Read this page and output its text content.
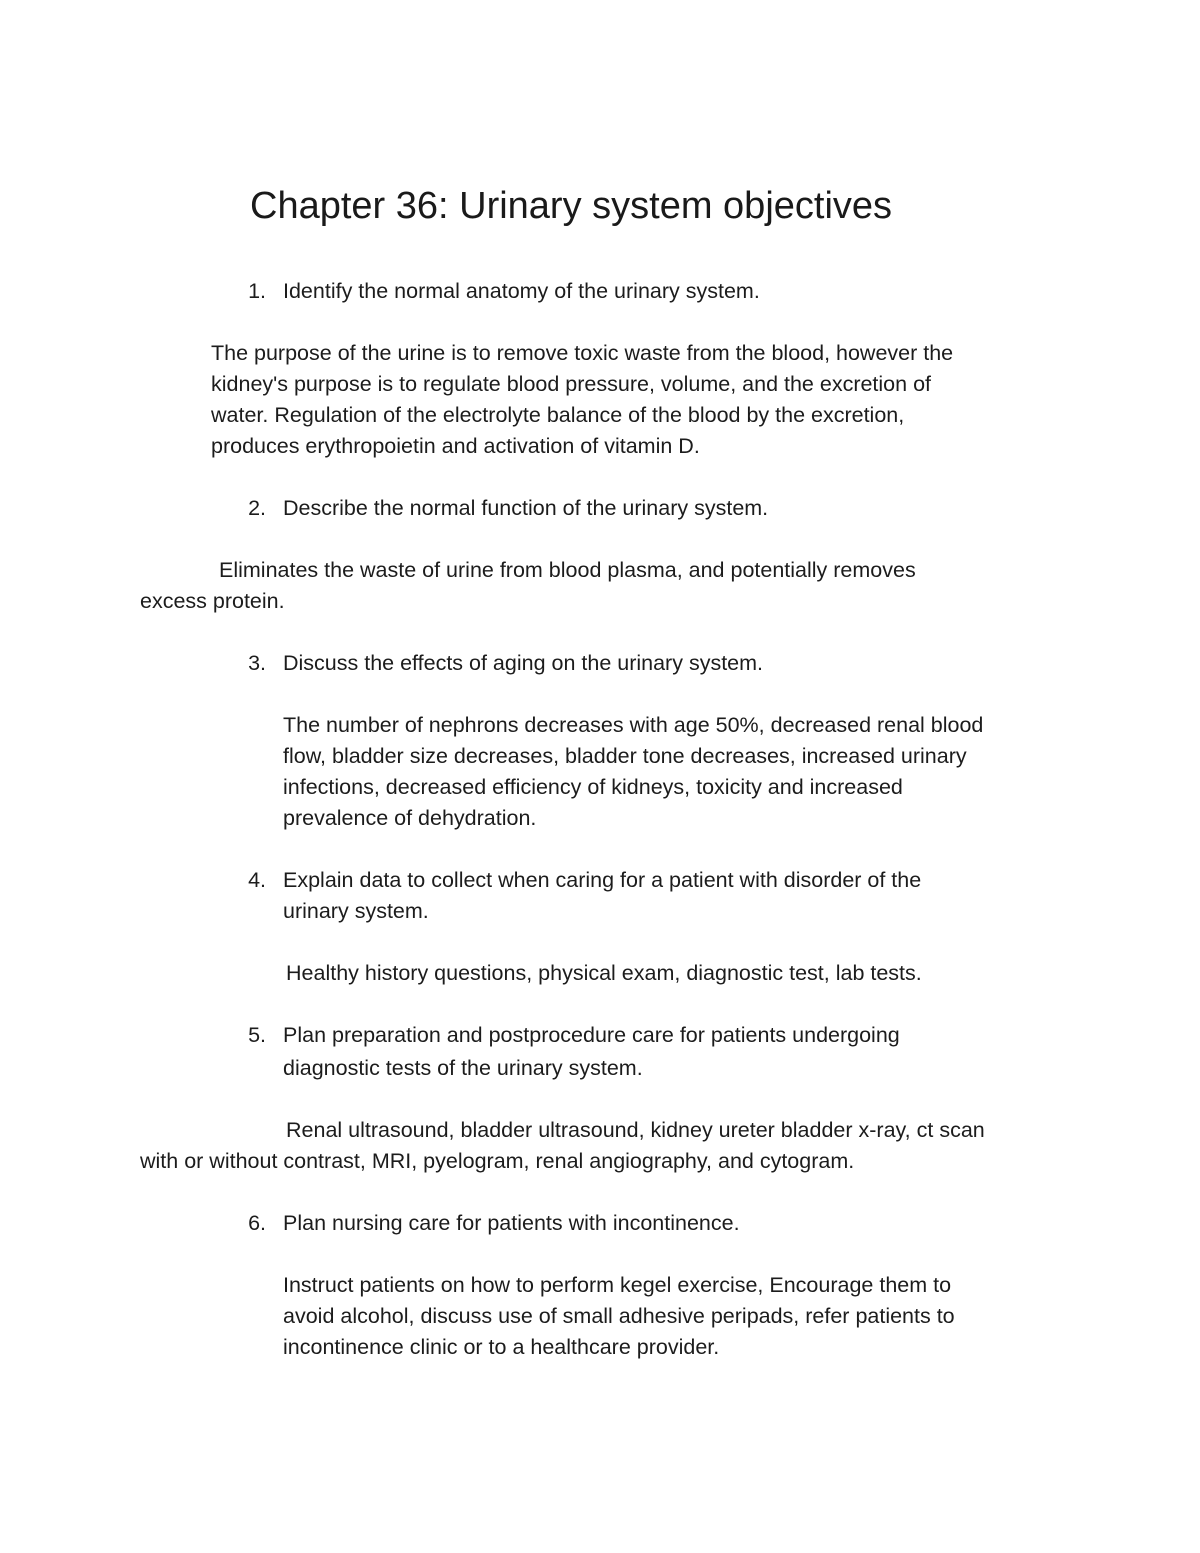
Chapter 36: Urinary system objectives

1. Identify the normal anatomy of the urinary system.

The purpose of the urine is to remove toxic waste from the blood, however the

kidney's purpose is to regulate blood pressure, volume, and the excretion of

water. Regulation of the electrolyte balance of the blood by the excretion,

produces erythropoietin and activation of vitamin D.

2. Describe the normal function of the urinary system.

Eliminates the waste of urine from blood plasma, and potentially removes

excess protein.

3. Discuss the effects of aging on the urinary system.

The number of nephrons decreases with age 50%, decreased renal blood

flow, bladder size decreases, bladder tone decreases, increased urinary

infections, decreased efficiency of kidneys, toxicity and increased

prevalence of dehydration.

4. Explain data to collect when caring for a patient with disorder of the

urinary system.

Healthy history questions, physical exam, diagnostic test, lab tests.

5. Plan preparation and postprocedure care for patients undergoing

diagnostic tests of the urinary system.

Renal ultrasound, bladder ultrasound, kidney ureter bladder x-ray, ct scan

with or without contrast, MRI, pyelogram, renal angiography, and cytogram.

6. Plan nursing care for patients with incontinence.

Instruct patients on how to perform kegel exercise, Encourage them to

avoid alcohol, discuss use of small adhesive peripads, refer patients to

incontinence clinic or to a healthcare provider.
